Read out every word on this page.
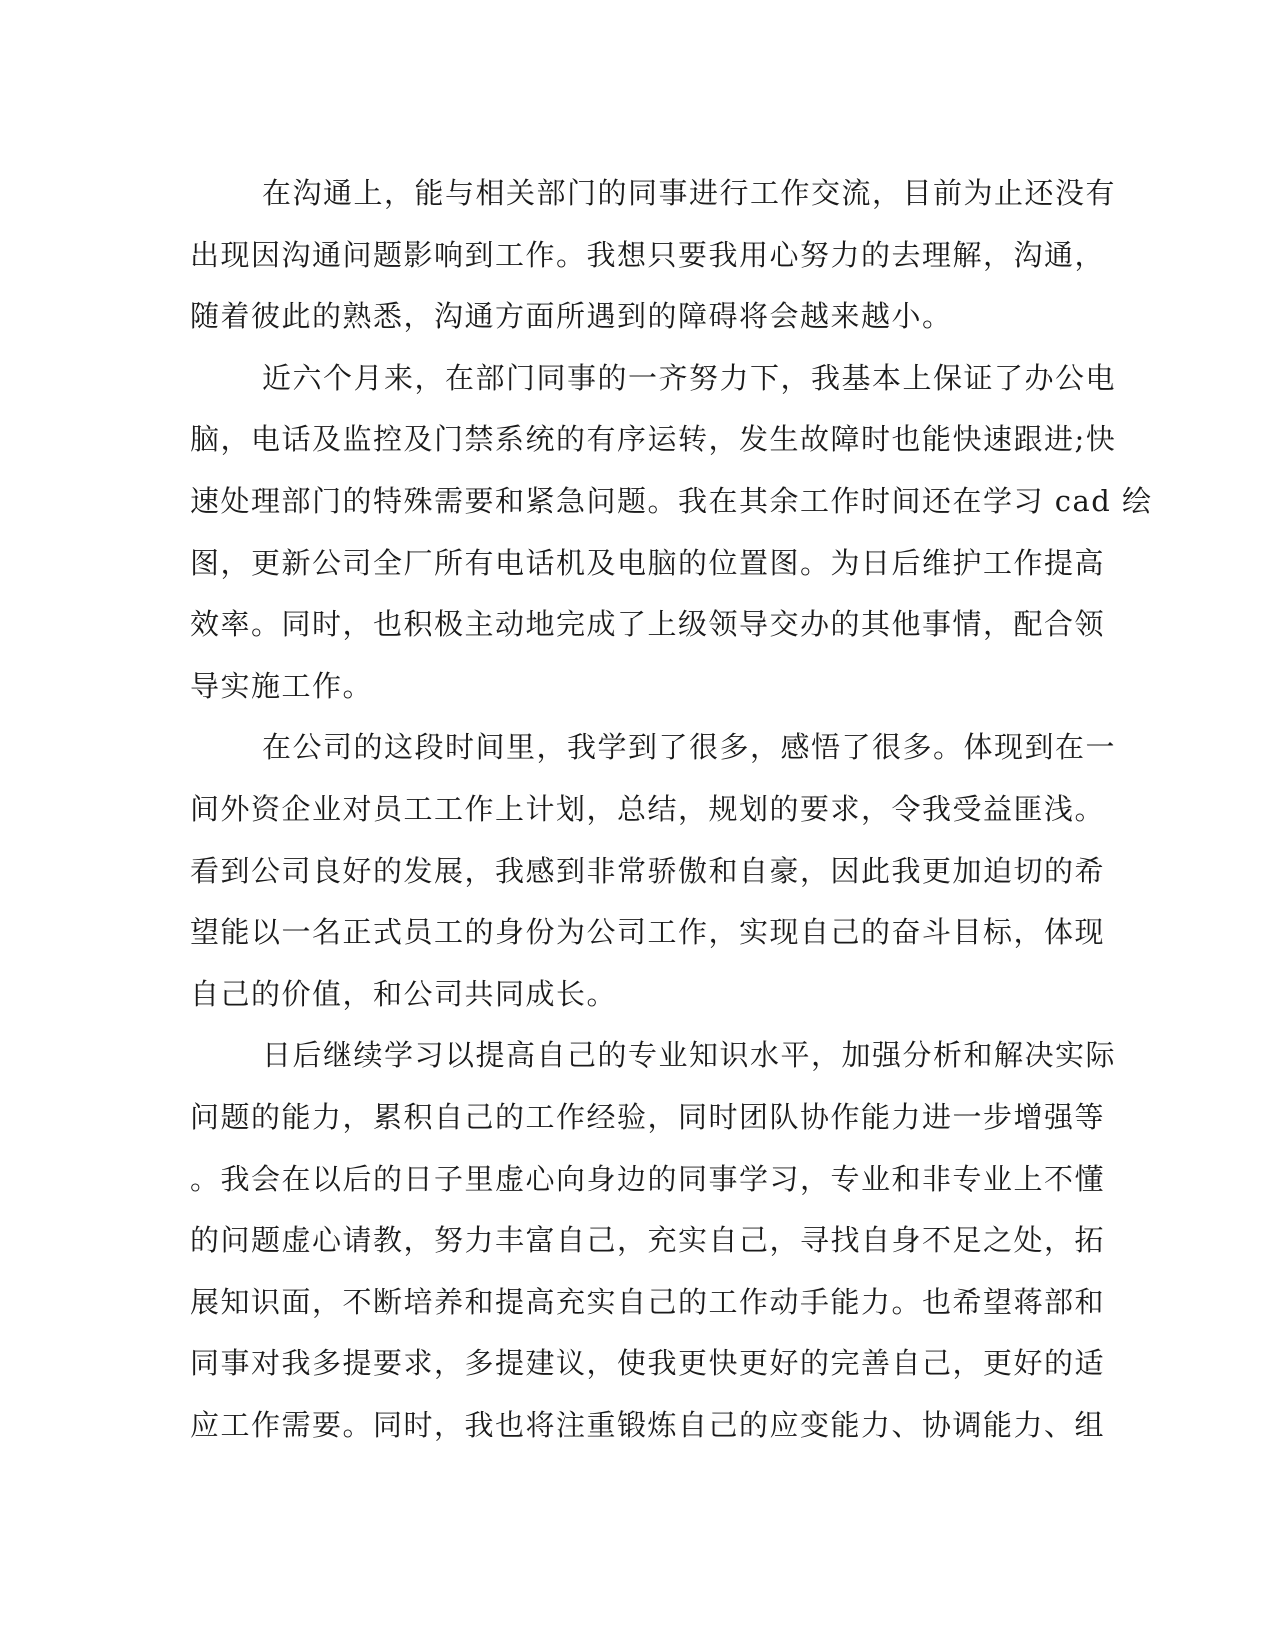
在沟通上，能与相关部门的同事进行工作交流，目前为止还没有
出现因沟通问题影响到工作。我想只要我用心努力的去理解，沟通，
随着彼此的熟悉，沟通方面所遇到的障碍将会越来越小。
近六个月来，在部门同事的一齐努力下，我基本上保证了办公电
脑，电话及监控及门禁系统的有序运转，发生故障时也能快速跟进;快
速处理部门的特殊需要和紧急问题。我在其余工作时间还在学习 cad 绘
图，更新公司全厂所有电话机及电脑的位置图。为日后维护工作提高
效率。同时，也积极主动地完成了上级领导交办的其他事情，配合领
导实施工作。
在公司的这段时间里，我学到了很多，感悟了很多。体现到在一
间外资企业对员工工作上计划，总结，规划的要求，令我受益匪浅。
看到公司良好的发展，我感到非常骄傲和自豪，因此我更加迫切的希
望能以一名正式员工的身份为公司工作，实现自己的奋斗目标，体现
自己的价值，和公司共同成长。
日后继续学习以提高自己的专业知识水平，加强分析和解决实际
问题的能力，累积自己的工作经验，同时团队协作能力进一步增强等
。我会在以后的日子里虚心向身边的同事学习，专业和非专业上不懂
的问题虚心请教，努力丰富自己，充实自己，寻找自身不足之处，拓
展知识面，不断培养和提高充实自己的工作动手能力。也希望蒋部和
同事对我多提要求，多提建议，使我更快更好的完善自己，更好的适
应工作需要。同时，我也将注重锻炼自己的应变能力、协调能力、组
